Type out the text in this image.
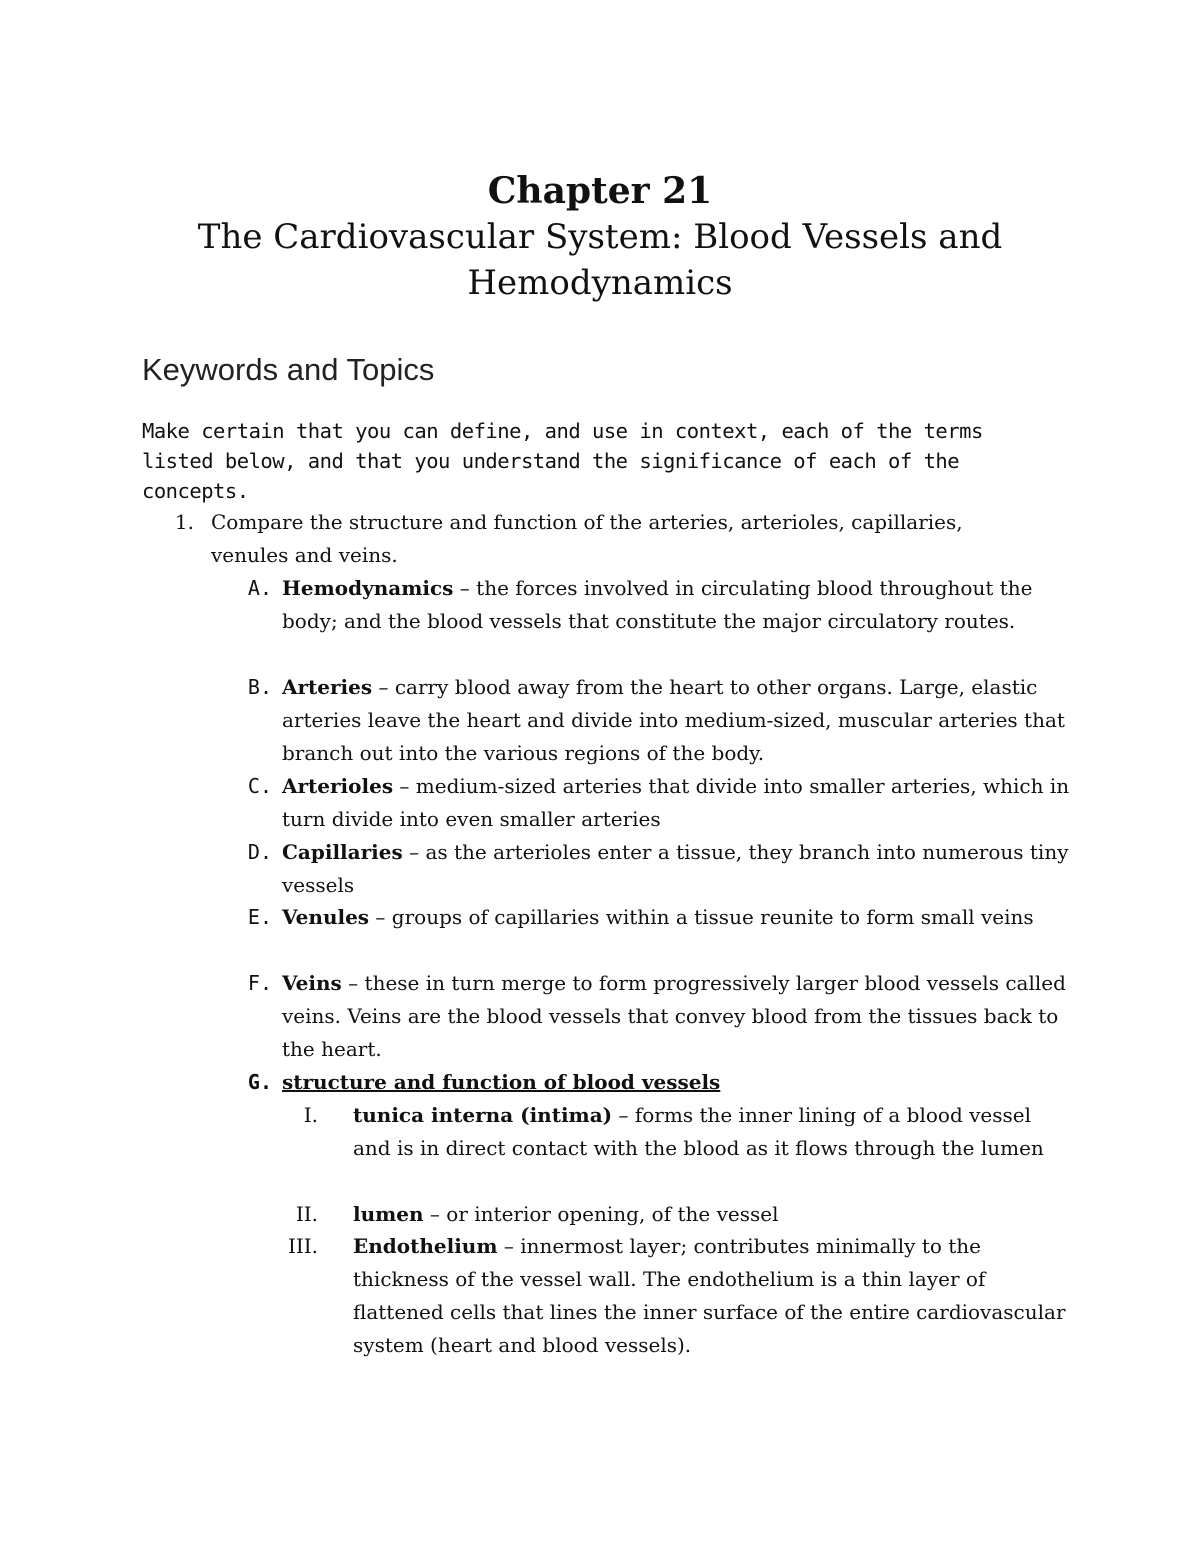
Chapter 21
The Cardiovascular System: Blood Vessels and Hemodynamics
Keywords and Topics
Make certain that you can define, and use in context, each of the terms listed below, and that you understand the significance of each of the concepts.
1. Compare the structure and function of the arteries, arterioles, capillaries, venules and veins.
A. Hemodynamics – the forces involved in circulating blood throughout the body; and the blood vessels that constitute the major circulatory routes.
B. Arteries – carry blood away from the heart to other organs. Large, elastic arteries leave the heart and divide into medium-sized, muscular arteries that branch out into the various regions of the body.
C. Arterioles – medium-sized arteries that divide into smaller arteries, which in turn divide into even smaller arteries
D. Capillaries – as the arterioles enter a tissue, they branch into numerous tiny vessels
E. Venules – groups of capillaries within a tissue reunite to form small veins
F. Veins – these in turn merge to form progressively larger blood vessels called veins. Veins are the blood vessels that convey blood from the tissues back to the heart.
G. structure and function of blood vessels
I. tunica interna (intima) – forms the inner lining of a blood vessel and is in direct contact with the blood as it flows through the lumen
II. lumen – or interior opening, of the vessel
III. Endothelium – innermost layer; contributes minimally to the thickness of the vessel wall. The endothelium is a thin layer of flattened cells that lines the inner surface of the entire cardiovascular system (heart and blood vessels).
